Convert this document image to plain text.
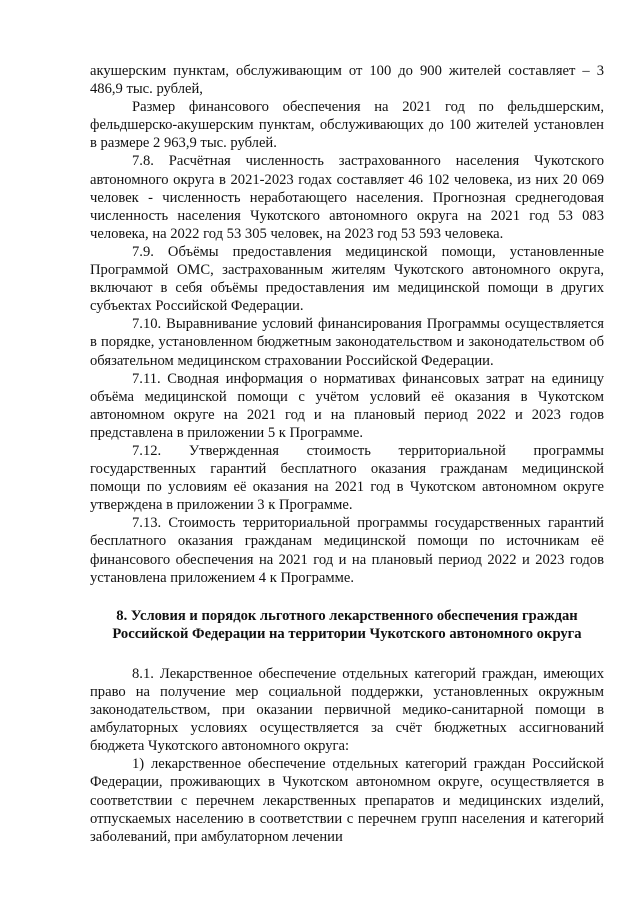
акушерским пунктам, обслуживающим от 100 до 900 жителей составляет – 3 486,9 тыс. рублей,

Размер финансового обеспечения на 2021 год по фельдшерским, фельдшерско-акушерским пунктам, обслуживающих до 100 жителей установлен в размере 2 963,9 тыс. рублей.

7.8. Расчётная численность застрахованного населения Чукотского автономного округа в 2021-2023 годах составляет 46 102 человека, из них 20 069 человек - численность неработающего населения. Прогнозная среднегодовая численность населения Чукотского автономного округа на 2021 год 53 083 человека, на 2022 год 53 305 человек, на 2023 год 53 593 человека.

7.9. Объёмы предоставления медицинской помощи, установленные Программой ОМС, застрахованным жителям Чукотского автономного округа, включают в себя объёмы предоставления им медицинской помощи в других субъектах Российской Федерации.

7.10. Выравнивание условий финансирования Программы осуществляется в порядке, установленном бюджетным законодательством и законодательством об обязательном медицинском страховании Российской Федерации.

7.11. Сводная информация о нормативах финансовых затрат на единицу объёма медицинской помощи с учётом условий её оказания в Чукотском автономном округе на 2021 год и на плановый период 2022 и 2023 годов представлена в приложении 5 к Программе.

7.12. Утвержденная стоимость территориальной программы государственных гарантий бесплатного оказания гражданам медицинской помощи по условиям её оказания на 2021 год в Чукотском автономном округе утверждена в приложении 3 к Программе.

7.13. Стоимость территориальной программы государственных гарантий бесплатного оказания гражданам медицинской помощи по источникам её финансового обеспечения на 2021 год и на плановый период 2022 и 2023 годов установлена приложением 4 к Программе.

8. Условия и порядок льготного лекарственного обеспечения граждан Российской Федерации на территории Чукотского автономного округа

8.1. Лекарственное обеспечение отдельных категорий граждан, имеющих право на получение мер социальной поддержки, установленных окружным законодательством, при оказании первичной медико-санитарной помощи в амбулаторных условиях осуществляется за счёт бюджетных ассигнований бюджета Чукотского автономного округа:

1) лекарственное обеспечение отдельных категорий граждан Российской Федерации, проживающих в Чукотском автономном округе, осуществляется в соответствии с перечнем лекарственных препаратов и медицинских изделий, отпускаемых населению в соответствии с перечнем групп населения и категорий заболеваний, при амбулаторном лечении
